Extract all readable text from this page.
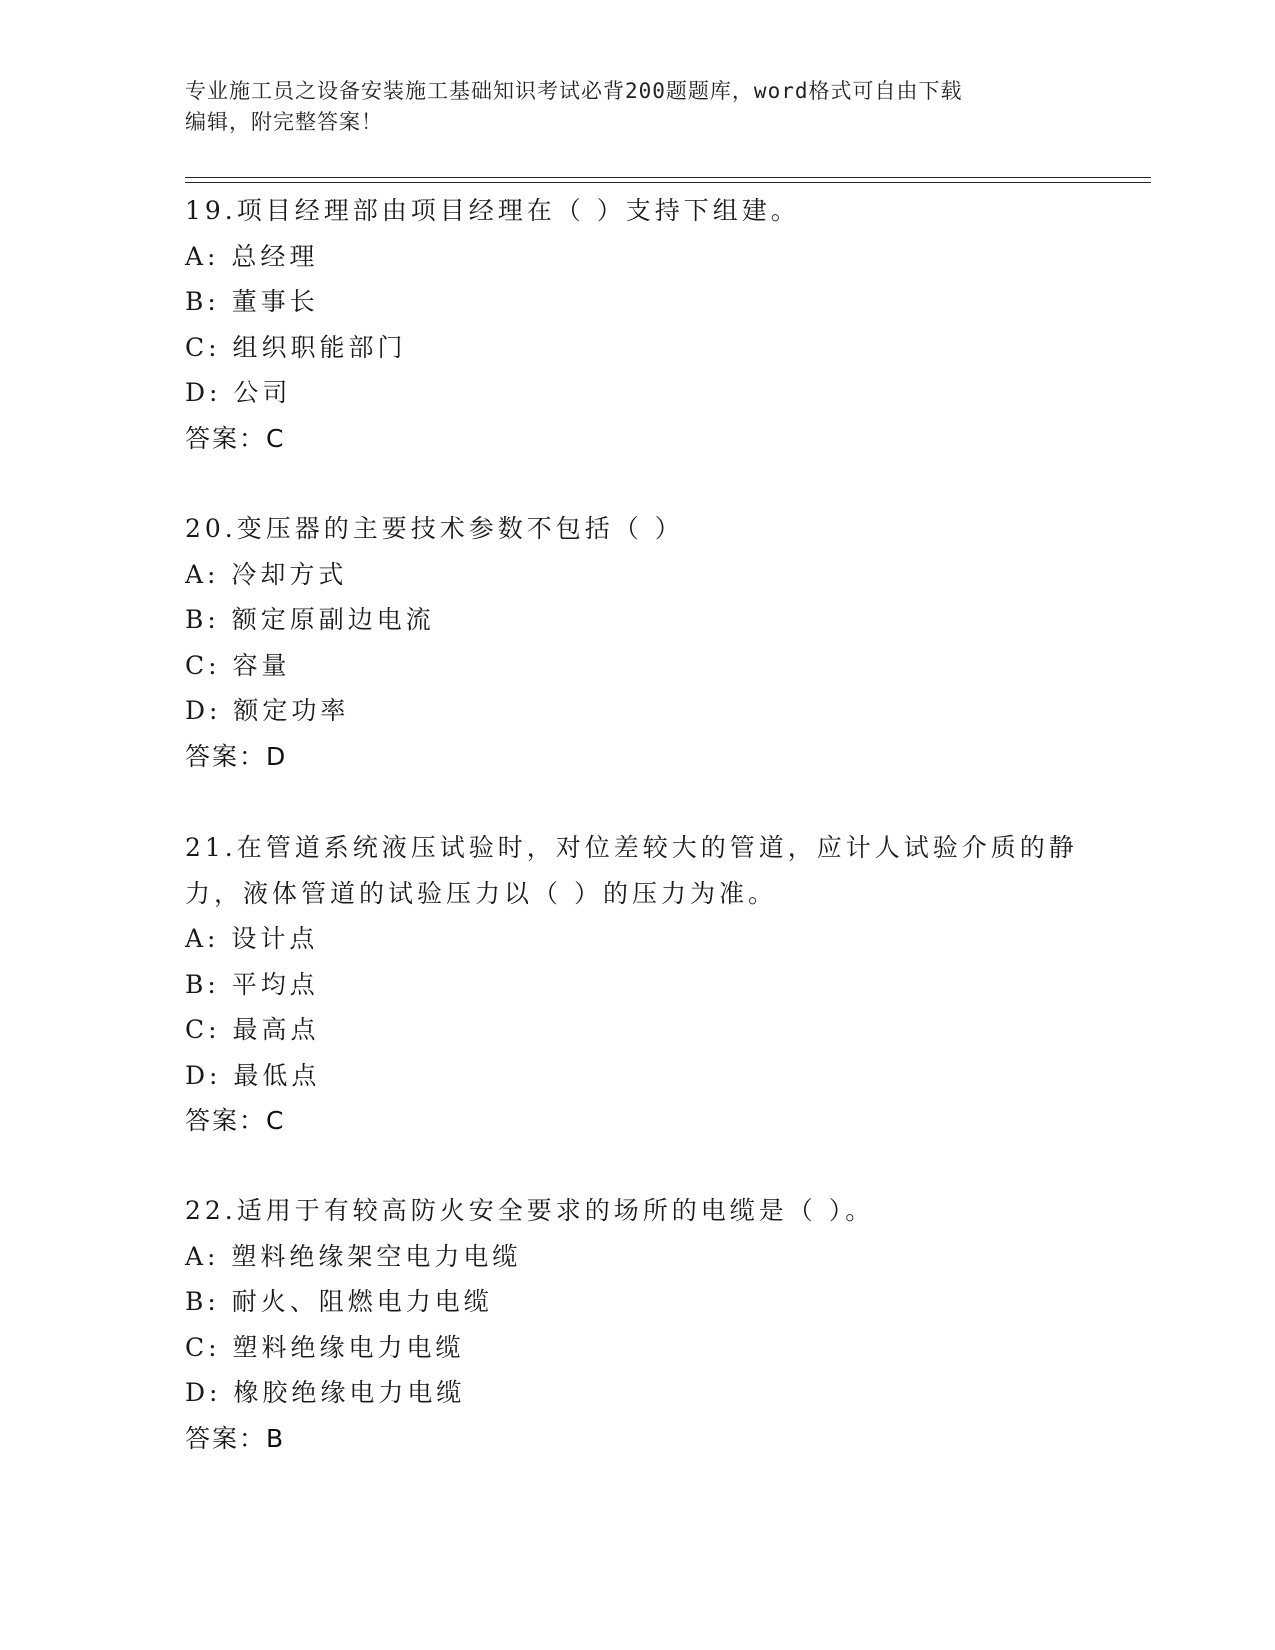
专业施工员之设备安装施工基础知识考试必背200题题库，word格式可自由下载
编辑，附完整答案！
19.项目经理部由项目经理在（ ）支持下组建。
A: 总经理
B: 董事长
C: 组织职能部门
D: 公司
答案：C
20.变压器的主要技术参数不包括（ ）
A: 冷却方式
B: 额定原副边电流
C: 容量
D: 额定功率
答案：D
21.在管道系统液压试验时，对位差较大的管道，应计人试验介质的静
力，液体管道的试验压力以（ ）的压力为准。
A: 设计点
B: 平均点
C: 最高点
D: 最低点
答案：C
22.适用于有较高防火安全要求的场所的电缆是（ ）。
A: 塑料绝缘架空电力电缆
B: 耐火、阻燃电力电缆
C: 塑料绝缘电力电缆
D: 橡胶绝缘电力电缆
答案：B
